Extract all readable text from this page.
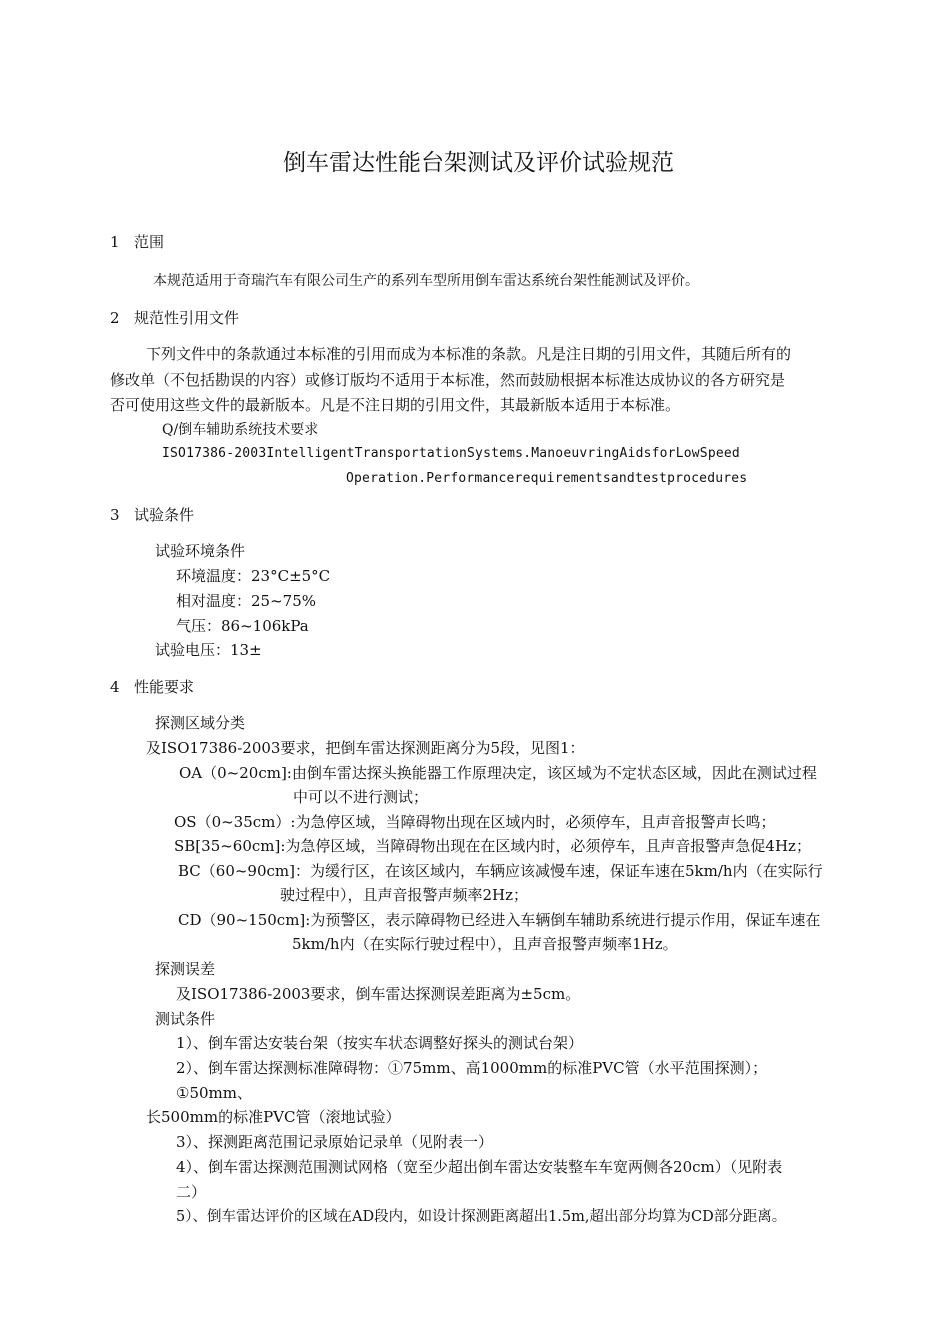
倒车雷达性能台架测试及评价试验规范
1 范围
本规范适用于奇瑞汽车有限公司生产的系列车型所用倒车雷达系统台架性能测试及评价。
2 规范性引用文件
下列文件中的条款通过本标准的引用而成为本标准的条款。凡是注日期的引用文件，其随后所有的
修改单（不包括勘误的内容）或修订版均不适用于本标准，然而鼓励根据本标准达成协议的各方研究是
否可使用这些文件的最新版本。凡是不注日期的引用文件，其最新版本适用于本标准。
Q/倒车辅助系统技术要求
ISO17386-2003IntelligentTransportationSystems.ManoeuvringAidsforLowSpeed
Operation.Performancerequirementsandtestprocedures
3 试验条件
试验环境条件
环境温度：23°C±5°C
相对温度：25~75%
气压：86~106kPa
试验电压：13±
4 性能要求
探测区域分类
及ISO17386-2003要求，把倒车雷达探测距离分为5段，见图1：
OA（0~20cm]:由倒车雷达探头换能器工作原理决定，该区域为不定状态区域，因此在测试过程
中可以不进行测试；
OS（0~35cm）:为急停区域，当障碍物出现在区域内时，必须停车，且声音报警声长鸣；
SB[35~60cm]:为急停区域，当障碍物出现在在区域内时，必须停车，且声音报警声急促4Hz；
BC（60~90cm]：为缓行区，在该区域内，车辆应该减慢车速，保证车速在5km/h内（在实际行
驶过程中），且声音报警声频率2Hz；
CD（90~150cm]:为预警区，表示障碍物已经进入车辆倒车辅助系统进行提示作用，保证车速在
5km/h内（在实际行驶过程中），且声音报警声频率1Hz。
探测误差
及ISO17386-2003要求，倒车雷达探测误差距离为±5cm。
测试条件
1）、倒车雷达安装台架（按实车状态调整好探头的测试台架）
2）、倒车雷达探测标准障碍物：①75mm、高1000mm的标准PVC管（水平范围探测）；
①50mm、
长500mm的标准PVC管（滚地试验）
3）、探测距离范围记录原始记录单（见附表一）
4）、倒车雷达探测范围测试网格（宽至少超出倒车雷达安装整车车宽两侧各20cm）（见附表
二）
5）、倒车雷达评价的区域在AD段内，如设计探测距离超出1.5m,超出部分均算为CD部分距离。
